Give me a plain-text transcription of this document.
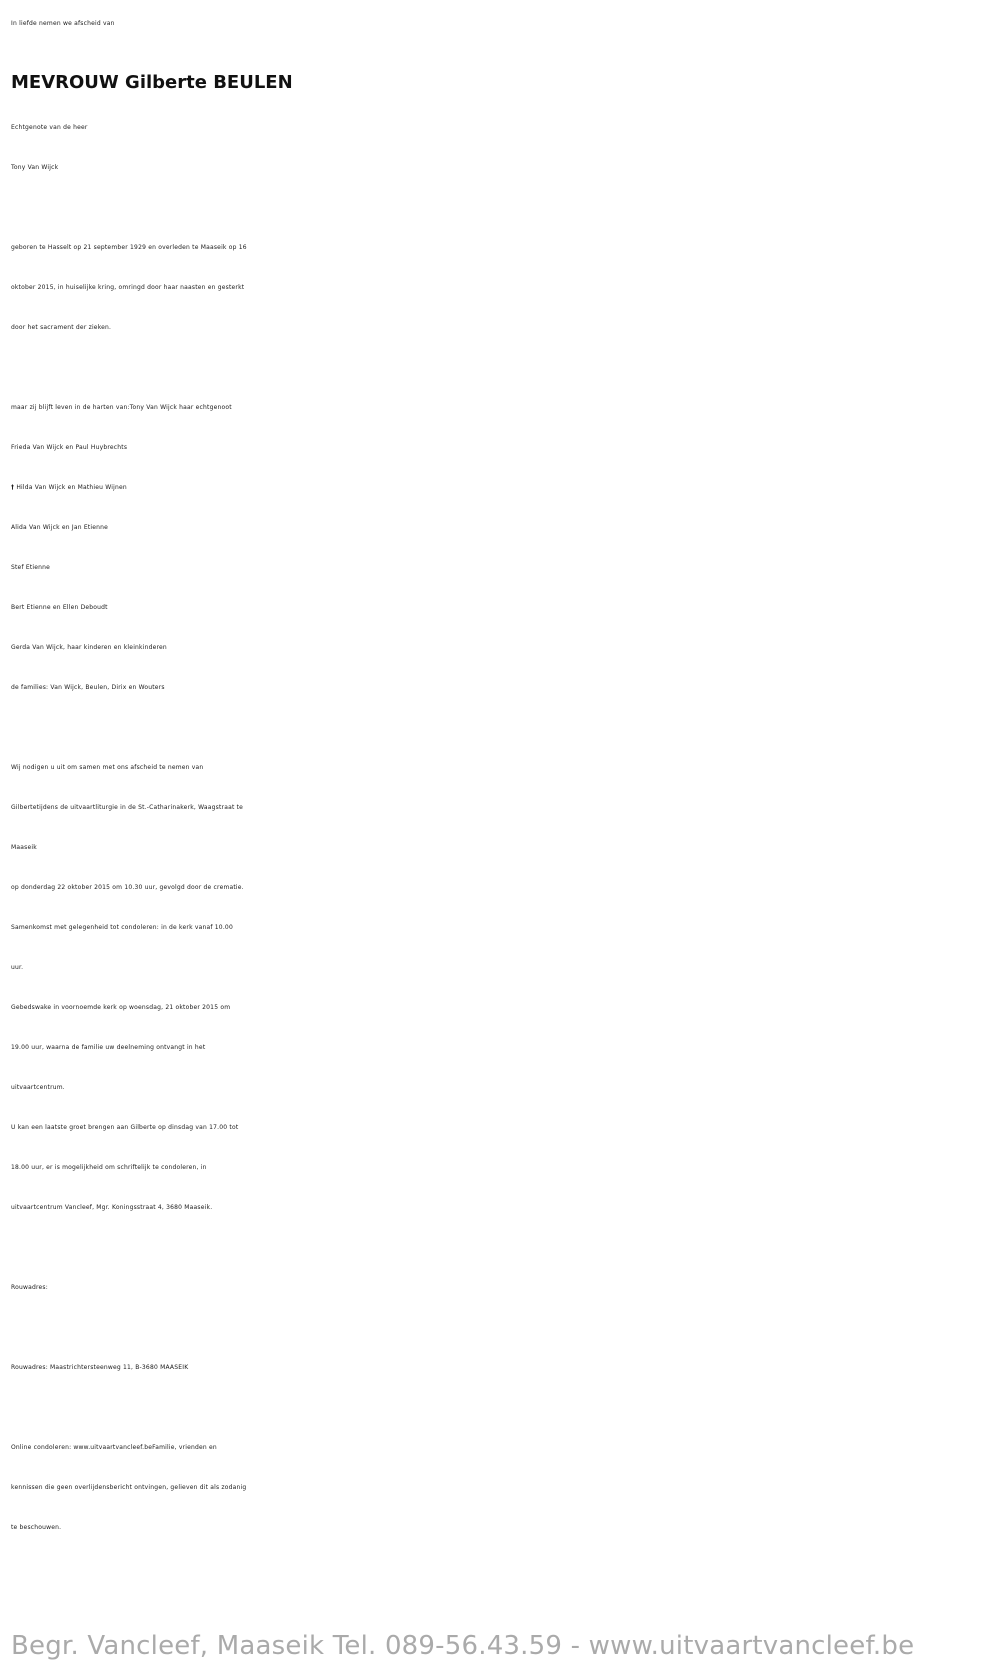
In liefde nemen we afscheid van
MEVROUW Gilberte BEULEN
Echtgenote van de heer
Tony Van Wijck
geboren te Hasselt op 21 september 1929 en overleden te Maaseik op 16
oktober 2015, in huiselijke kring, omringd door haar naasten en gesterkt
door het sacrament der zieken.
maar zij blijft leven in de harten van:Tony Van Wijck haar echtgenoot
Frieda Van Wijck en Paul Huybrechts
† Hilda Van Wijck en Mathieu Wijnen
Alida Van Wijck en Jan Etienne
Stef Etienne
Bert Etienne en Ellen Deboudt
Gerda Van Wijck, haar kinderen en kleinkinderen
de families: Van Wijck, Beulen, Dirix en Wouters
Wij nodigen u uit om samen met ons afscheid te nemen van
Gilbertetijdens de uitvaartliturgie in de St.-Catharinakerk, Waagstraat te
Maaseik
op donderdag 22 oktober 2015 om 10.30 uur, gevolgd door de crematie.
Samenkomst met gelegenheid tot condoleren: in de kerk vanaf 10.00
uur.
Gebedswake in voornoemde kerk op woensdag, 21 oktober 2015 om
19.00 uur, waarna de familie uw deelneming ontvangt in het
uitvaartcentrum.
U kan een laatste groet brengen aan Gilberte op dinsdag van 17.00 tot
18.00 uur, er is mogelijkheid om schriftelijk te condoleren, in
uitvaartcentrum Vancleef, Mgr. Koningsstraat 4, 3680 Maaseik.
Rouwadres:
Rouwadres: Maastrichtersteenweg 11, B-3680 MAASEIK
Online condoleren: www.uitvaartvancleef.beFamilie, vrienden en
kennissen die geen overlijdensbericht ontvingen, gelieven dit als zodanig
te beschouwen.
Begr. Vancleef, Maaseik Tel. 089-56.43.59 - www.uitvaartvancleef.be
